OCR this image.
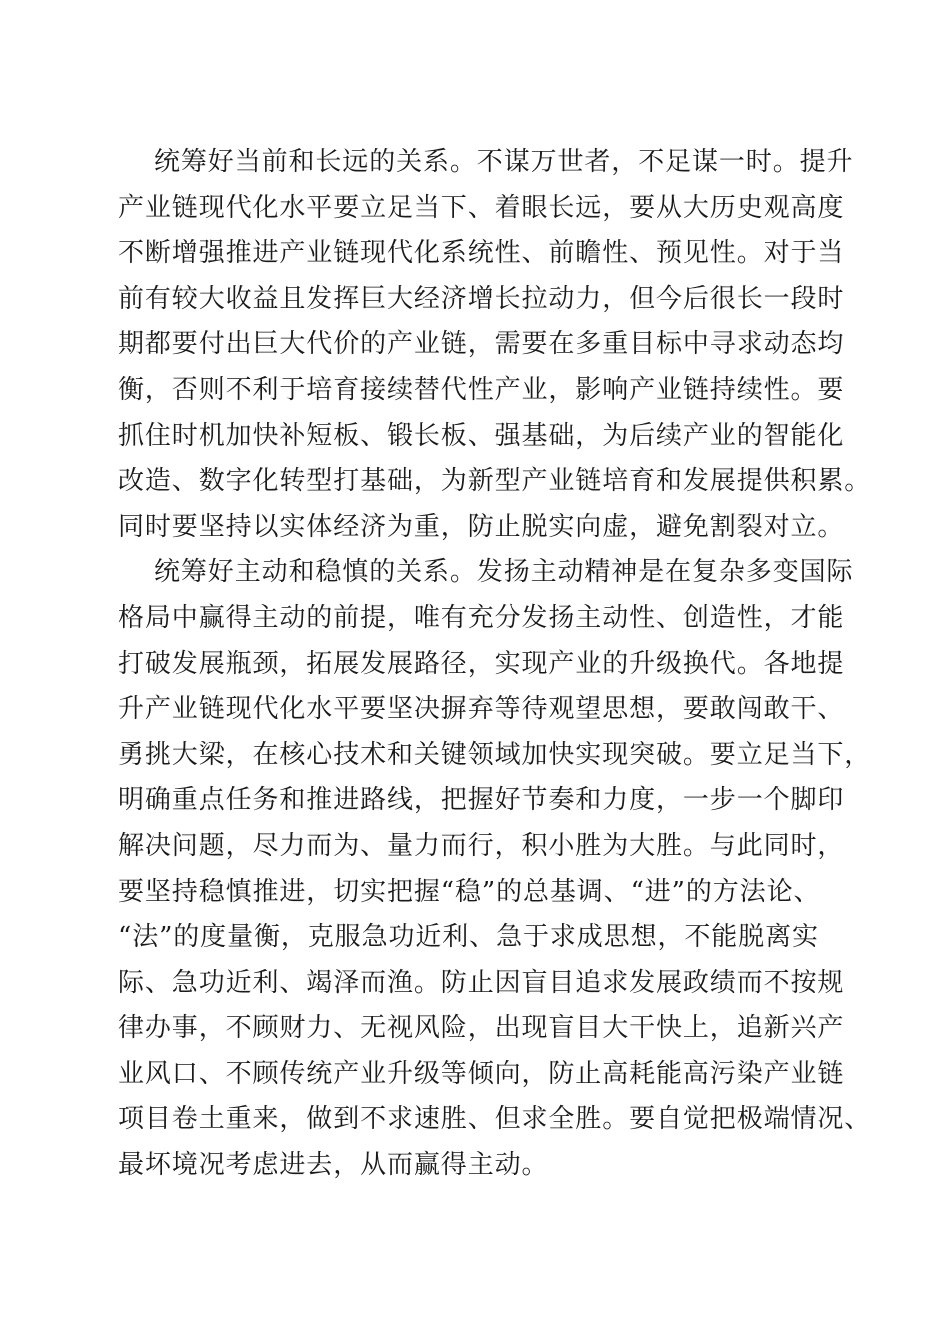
统筹好当前和长远的关系。不谋万世者，不足谋一时。提升
产业链现代化水平要立足当下、着眼长远，要从大历史观高度
不断增强推进产业链现代化系统性、前瞻性、预见性。对于当
前有较大收益且发挥巨大经济增长拉动力，但今后很长一段时
期都要付出巨大代价的产业链，需要在多重目标中寻求动态均
衡，否则不利于培育接续替代性产业，影响产业链持续性。要
抓住时机加快补短板、锻长板、强基础，为后续产业的智能化
改造、数字化转型打基础，为新型产业链培育和发展提供积累。
同时要坚持以实体经济为重，防止脱实向虚，避免割裂对立。
统筹好主动和稳慎的关系。发扬主动精神是在复杂多变国际
格局中赢得主动的前提，唯有充分发扬主动性、创造性，才能
打破发展瓶颈，拓展发展路径，实现产业的升级换代。各地提
升产业链现代化水平要坚决摒弃等待观望思想，要敢闯敢干、
勇挑大梁，在核心技术和关键领域加快实现突破。要立足当下，
明确重点任务和推进路线，把握好节奏和力度，一步一个脚印
解决问题，尽力而为、量力而行，积小胜为大胜。与此同时，
要坚持稳慎推进，切实把握“稳”的总基调、“进”的方法论、
“法”的度量衡，克服急功近利、急于求成思想，不能脱离实
际、急功近利、竭泽而渔。防止因盲目追求发展政绩而不按规
律办事，不顾财力、无视风险，出现盲目大干快上，追新兴产
业风口、不顾传统产业升级等倾向，防止高耗能高污染产业链
项目卷土重来，做到不求速胜、但求全胜。要自觉把极端情况、
最坏境况考虑进去，从而赢得主动。
